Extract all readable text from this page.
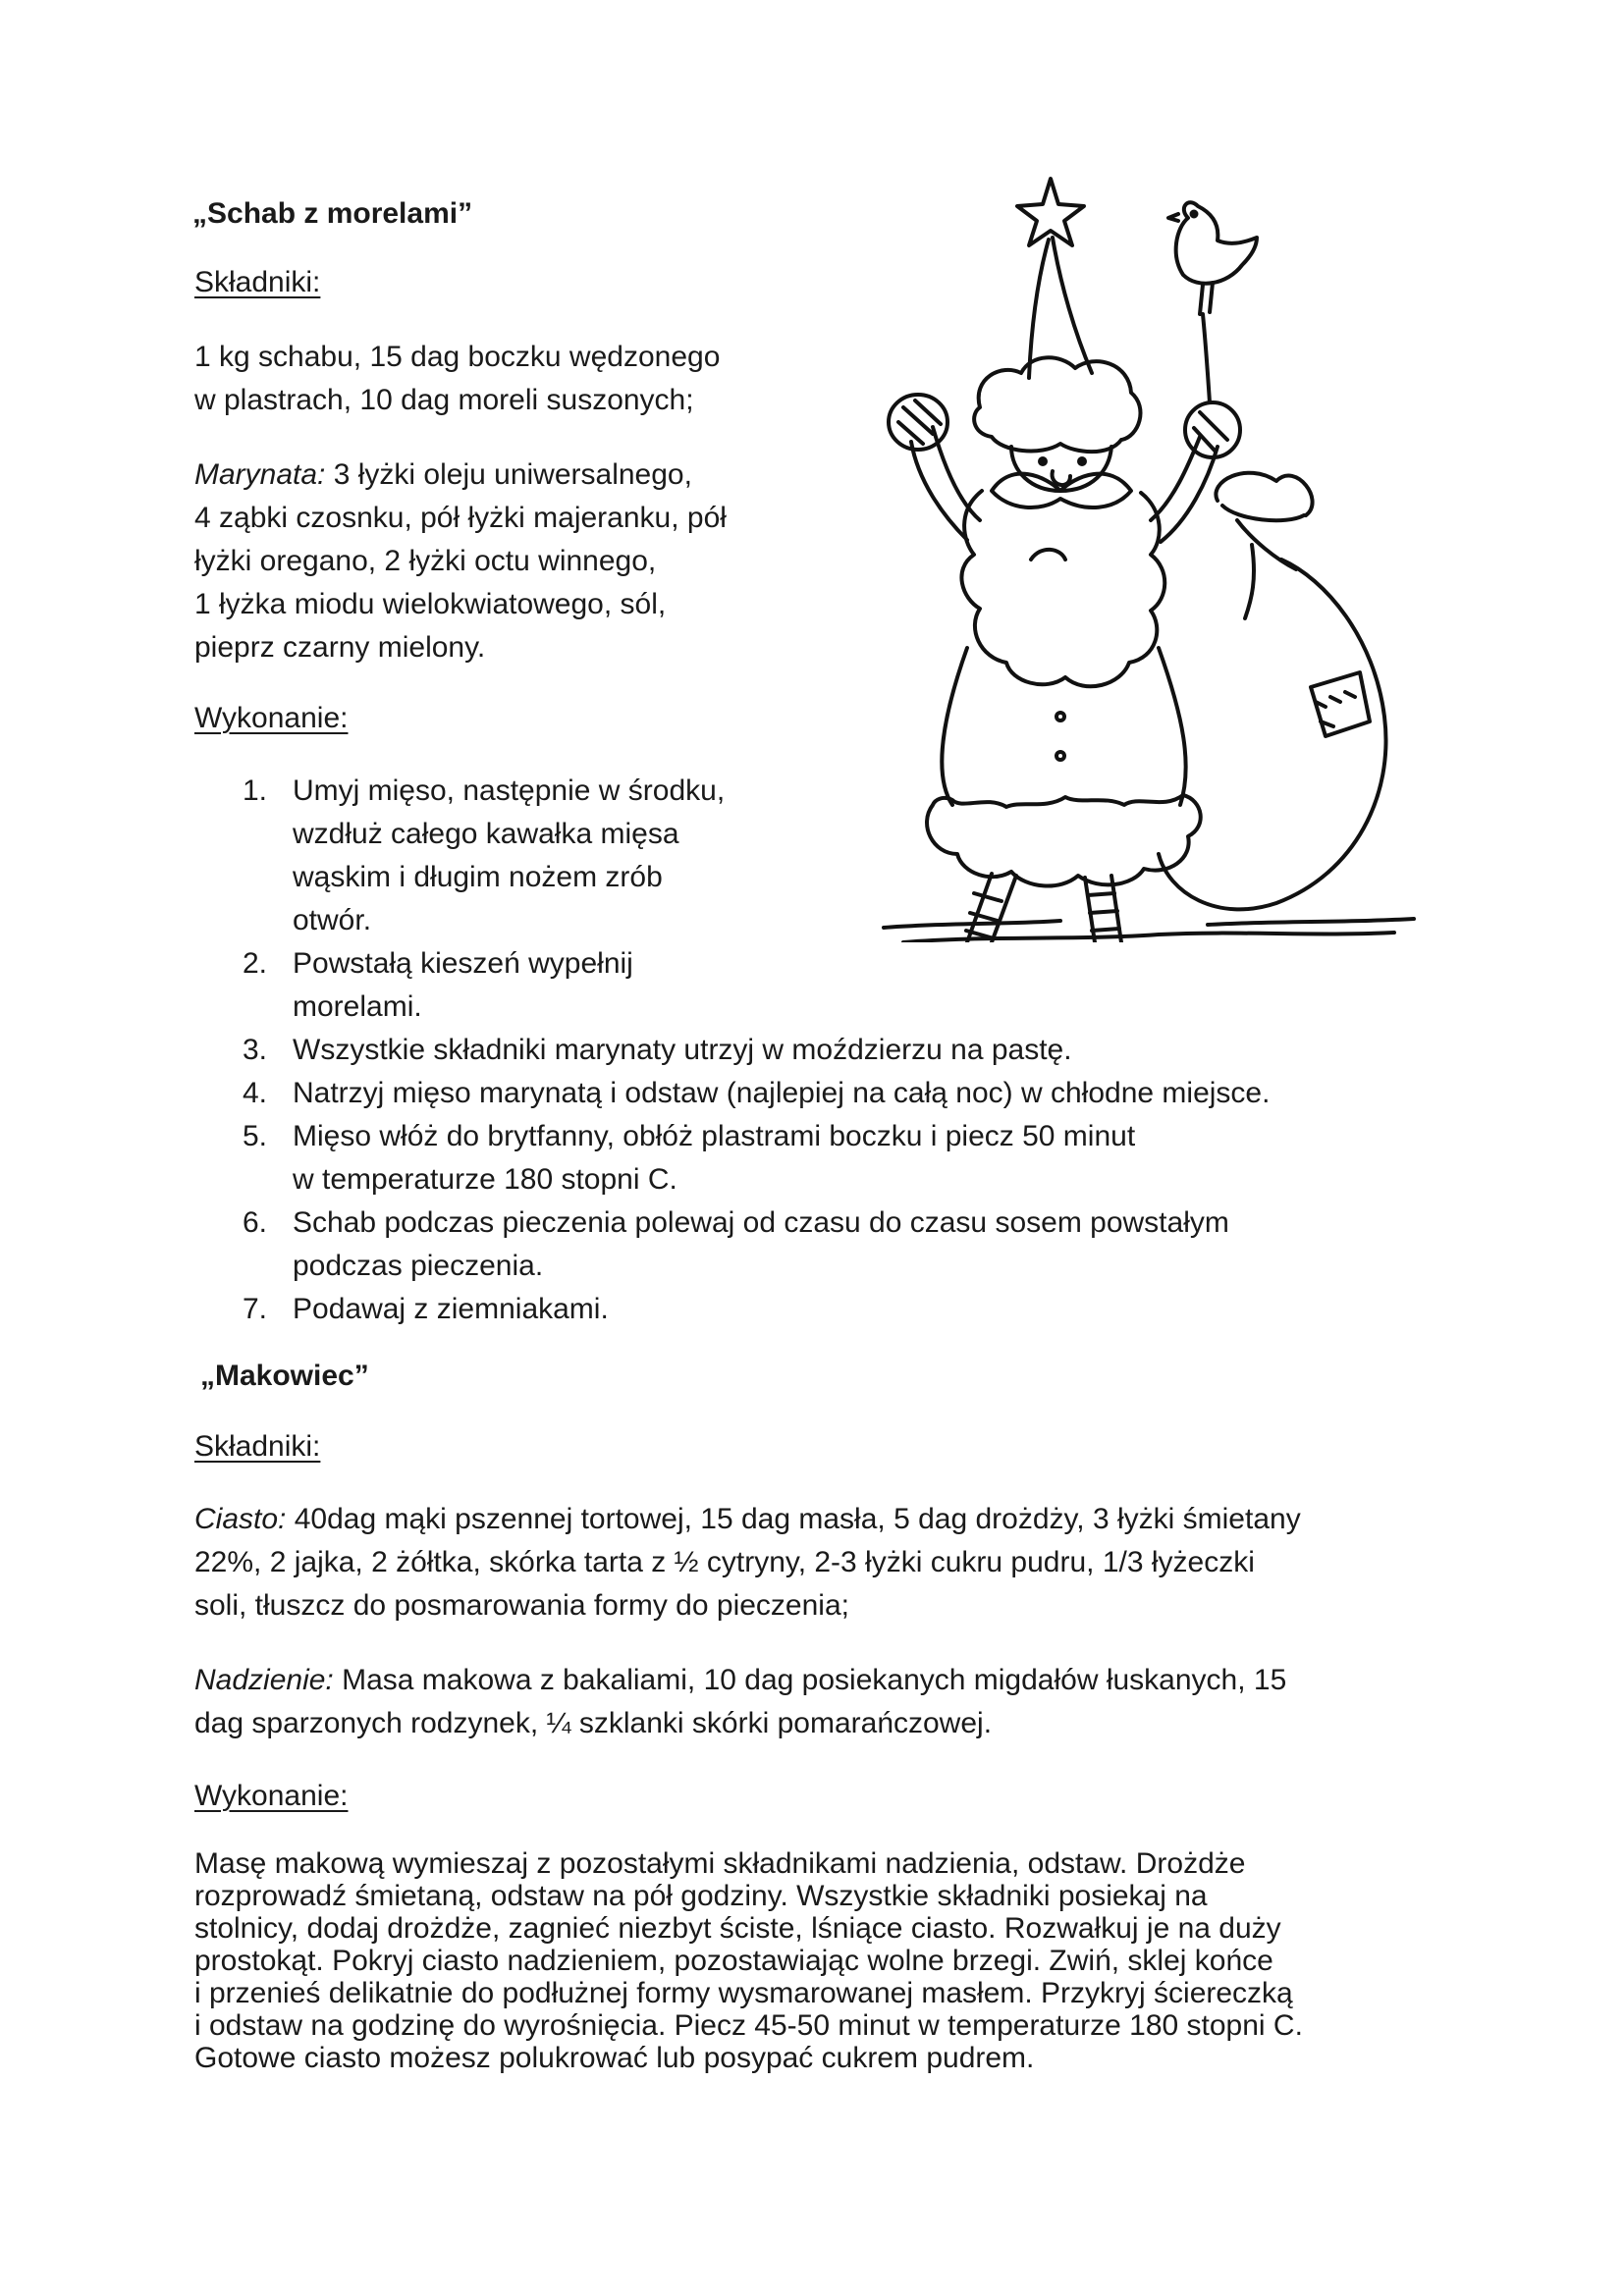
„Schab z morelami”

Składniki:

1 kg schabu, 15 dag boczku wędzonego
w plastrach, 10 dag moreli suszonych;

Marynata: 3 łyżki oleju uniwersalnego,
4 ząbki czosnku, pół łyżki majeranku, pół
łyżki oregano, 2 łyżki octu winnego,
1 łyżka miodu wielokwiatowego, sól,
pieprz czarny mielony.

Wykonanie:

1. Umyj mięso, następnie w środku,
wzdłuż całego kawałka mięsa
wąskim i długim nożem zrób
otwór.
2. Powstałą kieszeń wypełnij
morelami.
3. Wszystkie składniki marynaty utrzyj w moździerzu na pastę.
4. Natrzyj mięso marynatą i odstaw (najlepiej na całą noc) w chłodne miejsce.
5. Mięso włóż do brytfanny, obłóż plastrami boczku i piecz 50 minut
w temperaturze 180 stopni C.
6. Schab podczas pieczenia polewaj od czasu do czasu sosem powstałym
podczas pieczenia.
7. Podawaj z ziemniakami.

„Makowiec”

Składniki:

Ciasto: 40dag mąki pszennej tortowej, 15 dag masła, 5 dag drożdży, 3 łyżki śmietany
22%, 2 jajka, 2 żółtka, skórka tarta z ½ cytryny, 2-3 łyżki cukru pudru, 1/3 łyżeczki
soli, tłuszcz do posmarowania formy do pieczenia;

Nadzienie: Masa makowa z bakaliami, 10 dag posiekanych migdałów łuskanych, 15
dag sparzonych rodzynek, ¼ szklanki skórki pomarańczowej.

Wykonanie:

Masę makową wymieszaj z pozostałymi składnikami nadzienia, odstaw. Drożdże
rozprowadź śmietaną, odstaw na pół godziny. Wszystkie składniki posiekaj na
stolnicy, dodaj drożdże, zagnieć niezbyt ściste, lśniące ciasto. Rozwałkuj je na duży
prostokąt. Pokryj ciasto nadzieniem, pozostawiając wolne brzegi. Zwiń, sklej końce
i przenieś delikatnie do podłużnej formy wysmarowanej masłem. Przykryj ściereczką
i odstaw na godzinę do wyrośnięcia. Piecz 45-50 minut w temperaturze 180 stopni C.
Gotowe ciasto możesz polukrować lub posypać cukrem pudrem.
